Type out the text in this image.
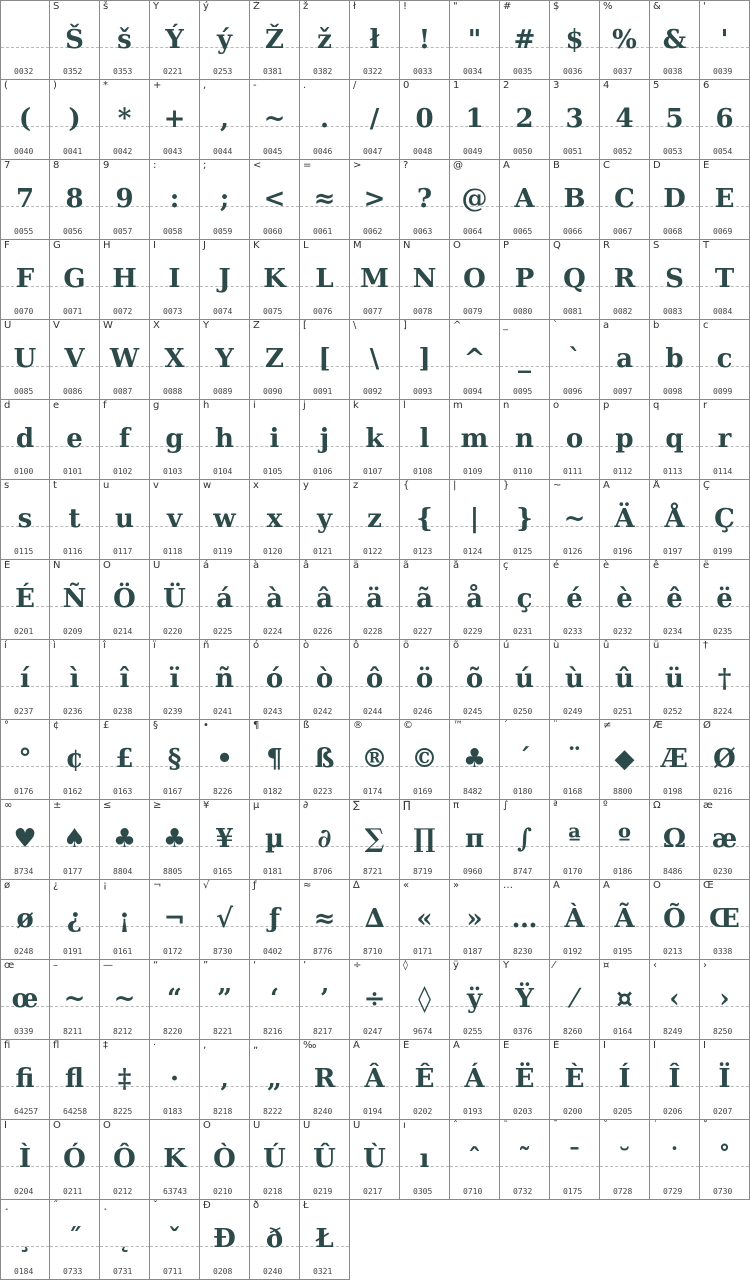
0032
Š
Š
0352
š
š
0353
Ý
Ý
0221
ý
ý
0253
Ž
Ž
0381
ž
ž
0382
ł
ł
0322
!
!
0033
"
"
0034
#
#
0035
$
$
0036
%
%
0037
&
&
0038
'
'
0039
(
(
0040
)
)
0041
*
*
0042
+
+
0043
,
,
0044
-
~
0045
.
.
0046
/
/
0047
0
0
0048
1
1
0049
2
2
0050
3
3
0051
4
4
0052
5
5
0053
6
6
0054
7
7
0055
8
8
0056
9
9
0057
:
:
0058
;
;
0059
<
<
0060
=
≈
0061
>
>
0062
?
?
0063
@
@
0064
A
A
0065
B
B
0066
C
C
0067
D
D
0068
E
E
0069
F
F
0070
G
G
0071
H
H
0072
I
I
0073
J
J
0074
K
K
0075
L
L
0076
M
M
0077
N
N
0078
O
O
0079
P
P
0080
Q
Q
0081
R
R
0082
S
S
0083
T
T
0084
U
U
0085
V
V
0086
W
W
0087
X
X
0088
Y
Y
0089
Z
Z
0090
[
[
0091
\
\
0092
]
]
0093
^
^
0094
_
_
0095
`
`
0096
a
a
0097
b
b
0098
c
c
0099
d
d
0100
e
e
0101
f
f
0102
g
g
0103
h
h
0104
i
i
0105
j
j
0106
k
k
0107
l
l
0108
m
m
0109
n
n
0110
o
o
0111
p
p
0112
q
q
0113
r
r
0114
s
s
0115
t
t
0116
u
u
0117
v
v
0118
w
w
0119
x
x
0120
y
y
0121
z
z
0122
{
{
0123
|
|
0124
}
}
0125
~
~
0126
Ä
Ä
0196
Å
Å
0197
Ç
Ç
0199
É
É
0201
Ñ
Ñ
0209
Ö
Ö
0214
Ü
Ü
0220
á
á
0225
à
à
0224
â
â
0226
ä
ä
0228
ã
ã
0227
å
å
0229
ç
ç
0231
é
é
0233
è
è
0232
ê
ê
0234
ë
ë
0235
í
í
0237
ì
ì
0236
î
î
0238
ï
ï
0239
ñ
ñ
0241
ó
ó
0243
ò
ò
0242
ô
ô
0244
ö
ö
0246
õ
õ
0245
ú
ú
0250
ù
ù
0249
û
û
0251
ü
ü
0252
†
†
8224
°
°
0176
¢
¢
0162
£
£
0163
§
§
0167
•
•
8226
¶
¶
0182
ß
ß
0223
®
®
0174
©
©
0169
™
♣
8482
´
´
0180
¨
¨
0168
≠
◆
8800
Æ
Æ
0198
Ø
Ø
0216
∞
♥
8734
±
♠
0177
≤
♣
8804
≥
♣
8805
¥
¥
0165
µ
µ
0181
∂
∂
8706
∑
∑
8721
∏
∏
8719
π
π
0960
∫
∫
8747
ª
ª
0170
º
º
0186
Ω
Ω
8486
æ
æ
0230
ø
ø
0248
¿
¿
0191
¡
¡
0161
¬
¬
0172
√
√
8730
ƒ
ƒ
0402
≈
≈
8776
∆
∆
8710
«
«
0171
»
»
0187
…
…
8230
À
À
0192
Ã
Ã
0195
Õ
Õ
0213
Œ
Œ
0338
œ
œ
0339
–
~
8211
—
~
8212
“
“
8220
”
”
8221
‘
‘
8216
’
’
8217
÷
÷
0247
◊
◊
9674
ÿ
ÿ
0255
Ÿ
Ÿ
0376
⁄
⁄
8260
¤
¤
0164
‹
‹
8249
›
›
8250
ﬁ
ﬁ
64257
ﬂ
ﬂ
64258
‡
‡
8225
·
·
0183
‚
‚
8218
„
„
8222
‰
R
8240
Â
Â
0194
Ê
Ê
0202
Á
Á
0193
Ë
Ë
0203
È
È
0200
Í
Í
0205
Î
Î
0206
Ï
Ï
0207
Ì
Ì
0204
Ó
Ó
0211
Ô
Ô
0212
K
63743
Ò
Ò
0210
Ú
Ú
0218
Û
Û
0219
Ù
Ù
0217
ı
ı
0305
ˆ
ˆ
0710
˜
˜
0732
¯
¯
0175
˘
˘
0728
˙
˙
0729
˚
˚
0730
¸
¸
0184
˝
˝
0733
˛
˛
0731
ˇ
ˇ
0711
Ð
Ð
0208
ð
ð
0240
Ł
Ł
0321
